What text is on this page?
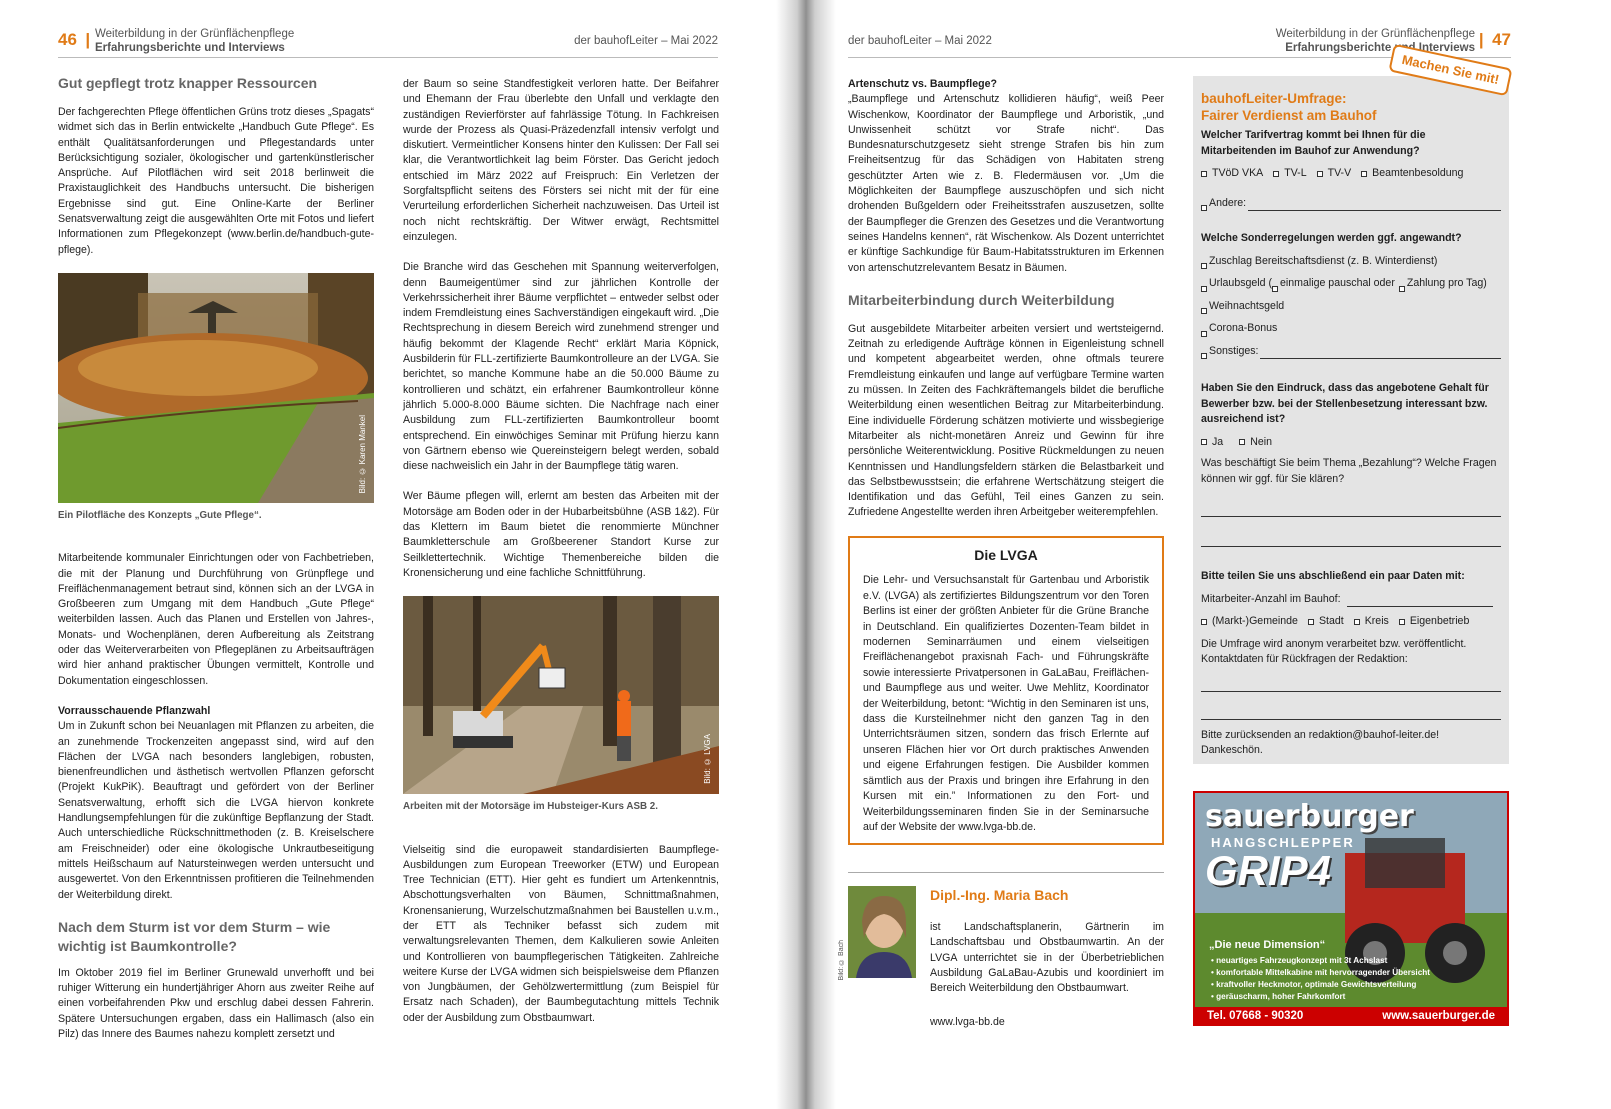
46 | Weiterbildung in der Grünflächenpflege
Erfahrungsberichte und Interviews
der bauhofLeiter – Mai 2022
Gut gepflegt trotz knapper Ressourcen

Der fachgerechten Pflege öffentlichen Grüns trotz dieses „Spagats“ widmet sich das in Berlin entwickelte „Handbuch Gute Pflege“. Es enthält Qualitätsanforderungen und Pflegestandards unter Berücksichtigung sozialer, ökologischer und gartenkünstlerischer Ansprüche. Auf Pilotflächen wird seit 2018 berlinweit die Praxistauglichkeit des Handbuchs untersucht. Die bisherigen Ergebnisse sind gut. Eine Online-Karte der Berliner Senatsverwaltung zeigt die ausgewählten Orte mit Fotos und liefert Informationen zum Pflegekonzept (www.berlin.de/handbuch-gute-pflege).

Bild: © Karen Mankel
Ein Pilotfläche des Konzepts „Gute Pflege“.

Mitarbeitende kommunaler Einrichtungen oder von Fachbetrieben, die mit der Planung und Durchführung von Grünpflege und Freiflächenmanagement betraut sind, können sich an der LVGA in Großbeeren zum Umgang mit dem Handbuch „Gute Pflege“ weiterbilden lassen. Auch das Planen und Erstellen von Jahres-, Monats- und Wochenplänen, deren Aufbereitung als Zeitstrang oder das Weiterverarbeiten von Pflegeplänen zu Arbeitsaufträgen wird hier anhand praktischer Übungen vermittelt, Kontrolle und Dokumentation eingeschlossen.

Vorrausschauende Pflanzwahl

Um in Zukunft schon bei Neuanlagen mit Pflanzen zu arbeiten, die an zunehmende Trockenzeiten angepasst sind, wird auf den Flächen der LVGA nach besonders langlebigen, robusten, bienenfreundlichen und ästhetisch wertvollen Pflanzen geforscht (Projekt KukPiK). Beauftragt und gefördert von der Berliner Senatsverwaltung, erhofft sich die LVGA hiervon konkrete Handlungsempfehlungen für die zukünftige Bepflanzung der Stadt. Auch unterschiedliche Rückschnittmethoden (z. B. Kreiselschere am Freischneider) oder eine ökologische Unkrautbeseitigung mittels Heißschaum auf Natursteinwegen werden untersucht und ausgewertet. Von den Erkenntnissen profitieren die Teilnehmenden der Weiterbildung direkt.

Nach dem Sturm ist vor dem Sturm – wie wichtig ist Baumkontrolle?

Im Oktober 2019 fiel im Berliner Grunewald unverhofft und bei ruhiger Witterung ein hundertjähriger Ahorn aus zweiter Reihe auf einen vorbeifahrenden Pkw und erschlug dabei dessen Fahrerin. Spätere Untersuchungen ergaben, dass ein Hallimasch (also ein Pilz) das Innere des Baumes nahezu komplett zersetzt und

der Baum so seine Standfestigkeit verloren hatte. Der Beifahrer und Ehemann der Frau überlebte den Unfall und verklagte den zuständigen Revierförster auf fahrlässige Tötung. In Fachkreisen wurde der Prozess als Quasi-Präzedenzfall intensiv verfolgt und diskutiert. Vermeintlicher Konsens hinter den Kulissen: Der Fall sei klar, die Verantwortlichkeit lag beim Förster. Das Gericht jedoch entschied im März 2022 auf Freispruch: Ein Verletzen der Sorgfaltspflicht seitens des Försters sei nicht mit der für eine Verurteilung erforderlichen Sicherheit nachzuweisen. Das Urteil ist noch nicht rechtskräftig. Der Witwer erwägt, Rechtsmittel einzulegen.

Die Branche wird das Geschehen mit Spannung weiterverfolgen, denn Baumeigentümer sind zur jährlichen Kontrolle der Verkehrssicherheit ihrer Bäume verpflichtet – entweder selbst oder indem Fremdleistung eines Sachverständigen eingekauft wird. „Die Rechtsprechung in diesem Bereich wird zunehmend strenger und häufig bekommt der Klagende Recht“ erklärt Maria Köpnick, Ausbilderin für FLL-zertifizierte Baumkontrolleure an der LVGA. Sie berichtet, so manche Kommune habe an die 50.000 Bäume zu kontrollieren und schätzt, ein erfahrener Baumkontrolleur könne jährlich 5.000-8.000 Bäume sichten. Die Nachfrage nach einer Ausbildung zum FLL-zertifizierten Baumkontrolleur boomt entsprechend. Ein einwöchiges Seminar mit Prüfung hierzu kann von Gärtnern ebenso wie Quereinsteigern belegt werden, sobald diese nachweislich ein Jahr in der Baumpflege tätig waren.

Wer Bäume pflegen will, erlernt am besten das Arbeiten mit der Motorsäge am Boden oder in der Hubarbeitsbühne (ASB 1&2). Für das Klettern im Baum bietet die renommierte Münchner Baumkletterschule am Großbeerener Standort Kurse zur Seilklettertechnik. Wichtige Themenbereiche bilden die Kronensicherung und eine fachliche Schnittführung.

Bild: © LVGA
Arbeiten mit der Motorsäge im Hubsteiger-Kurs ASB 2.

Vielseitig sind die europaweit standardisierten Baumpflege-Ausbildungen zum European Treeworker (ETW) und European Tree Technician (ETT). Hier geht es fundiert um Artenkenntnis, Abschottungsverhalten von Bäumen, Schnittmaßnahmen, Kronensanierung, Wurzelschutzmaßnahmen bei Baustellen u.v.m., der ETT als Techniker befasst sich zudem mit verwaltungsrelevanten Themen, dem Kalkulieren sowie Anleiten und Kontrollieren von baumpflegerischen Tätigkeiten. Zahlreiche weitere Kurse der LVGA widmen sich beispielsweise dem Pflanzen von Jungbäumen, der Gehölzwertermittlung (zum Beispiel für Ersatz nach Schaden), der Baumbegutachtung mittels Technik oder der Ausbildung zum Obstbaumwart.

der bauhofLeiter – Mai 2022
Weiterbildung in der Grünflächenpflege
Erfahrungsberichte und Interviews | 47
Artenschutz vs. Baumpflege?

„Baumpflege und Artenschutz kollidieren häufig“, weiß Peer Wischenkow, Koordinator der Baumpflege und Arboristik, „und Unwissenheit schützt vor Strafe nicht“. Das Bundesnaturschutzgesetz sieht strenge Strafen bis hin zum Freiheitsentzug für das Schädigen von Habitaten streng geschützter Arten wie z. B. Fledermäusen vor. „Um die Möglichkeiten der Baumpflege auszuschöpfen und sich nicht drohenden Bußgeldern oder Freiheitsstrafen auszusetzen, sollte der Baumpfleger die Grenzen des Gesetzes und die Verantwortung seines Handelns kennen“, rät Wischenkow. Als Dozent unterrichtet er künftige Sachkundige für Baum-Habitatsstrukturen im Erkennen von artenschutzrelevantem Besatz in Bäumen.

Mitarbeiterbindung durch Weiterbildung

Gut ausgebildete Mitarbeiter arbeiten versiert und wertsteigernd. Zeitnah zu erledigende Aufträge können in Eigenleistung schnell und kompetent abgearbeitet werden, ohne oftmals teurere Fremdleistung einkaufen und lange auf verfügbare Termine warten zu müssen. In Zeiten des Fachkräftemangels bildet die berufliche Weiterbildung einen wesentlichen Beitrag zur Mitarbeiterbindung. Eine individuelle Förderung schätzen motivierte und wissbegierige Mitarbeiter als nicht-monetären Anreiz und Gewinn für ihre persönliche Weiterentwicklung. Positive Rückmeldungen zu neuen Kenntnissen und Handlungsfeldern stärken die Belastbarkeit und das Selbstbewusstsein; die erfahrene Wertschätzung steigert die Identifikation und das Gefühl, Teil eines Ganzen zu sein. Zufriedene Angestellte werden ihren Arbeitgeber weiterempfehlen.

Die LVGA
Die Lehr- und Versuchsanstalt für Gartenbau und Arboristik e.V. (LVGA) als zertifiziertes Bildungszentrum vor den Toren Berlins ist einer der größten Anbieter für die Grüne Branche in Deutschland. Ein qualifiziertes Dozenten-Team bildet in modernen Seminarräumen und einem vielseitigen Freiflächenangebot praxisnah Fach- und Führungskräfte sowie interessierte Privatpersonen in GaLaBau, Freiflächen- und Baumpflege aus und weiter. Uwe Mehlitz, Koordinator der Weiterbildung, betont: “Wichtig in den Seminaren ist uns, dass die Kursteilnehmer nicht den ganzen Tag in den Unterrichtsräumen sitzen, sondern das frisch Erlernte auf unseren Flächen hier vor Ort durch praktisches Anwenden und eigene Erfahrungen festigen. Die Ausbilder kommen sämtlich aus der Praxis und bringen ihre Erfahrung in den Kursen mit ein.” Informationen zu den Fort- und Weiterbildungsseminaren finden Sie in der Seminarsuche auf der Website der www.lvga-bb.de.
Bild: © Bach
Dipl.-Ing. Maria Bach
ist Landschaftsplanerin, Gärtnerin im Landschaftsbau und Obstbaumwartin. An der LVGA unterrichtet sie in der Überbetrieblichen Ausbildung GaLaBau-Azubis und koordiniert im Bereich Weiterbildung den Obstbaumwart.
www.lvga-bb.de
Machen Sie mit!
bauhofLeiter-Umfrage:
Fairer Verdienst am Bauhof
Welcher Tarifvertrag kommt bei Ihnen für die Mitarbeitenden im Bauhof zur Anwendung?
TVöD VKA TV-L TV-V Beamtenbesoldung
Andere:
Welche Sonderregelungen werden ggf. angewandt?
Zuschlag Bereitschaftsdienst (z. B. Winterdienst)
Urlaubsgeld ( einmalige pauschal oder Zahlung pro Tag)
Weihnachtsgeld
Corona-Bonus
Sonstiges:
Haben Sie den Eindruck, dass das angebotene Gehalt für Bewerber bzw. bei der Stellenbesetzung interessant bzw. ausreichend ist?
Ja	Nein
Was beschäftigt Sie beim Thema „Bezahlung“? Welche Fragen können wir ggf. für Sie klären?
Bitte teilen Sie uns abschließend ein paar Daten mit:
Mitarbeiter-Anzahl im Bauhof:
(Markt-)Gemeinde Stadt Kreis Eigenbetrieb
Die Umfrage wird anonym verarbeitet bzw. veröffentlicht. Kontaktdaten für Rückfragen der Redaktion:
Bitte zurücksenden an redaktion@bauhof-leiter.de! Dankeschön.
sauerburger
HANGSCHLEPPER
GRIP4
„Die neue Dimension“
• neuartiges Fahrzeugkonzept mit 3t Achslast
• komfortable Mittelkabine mit hervorragender Übersicht
• kraftvoller Heckmotor, optimale Gewichtsverteilung
• geräuscharm, hoher Fahrkomfort
Tel. 07668 - 90320	www.sauerburger.de
